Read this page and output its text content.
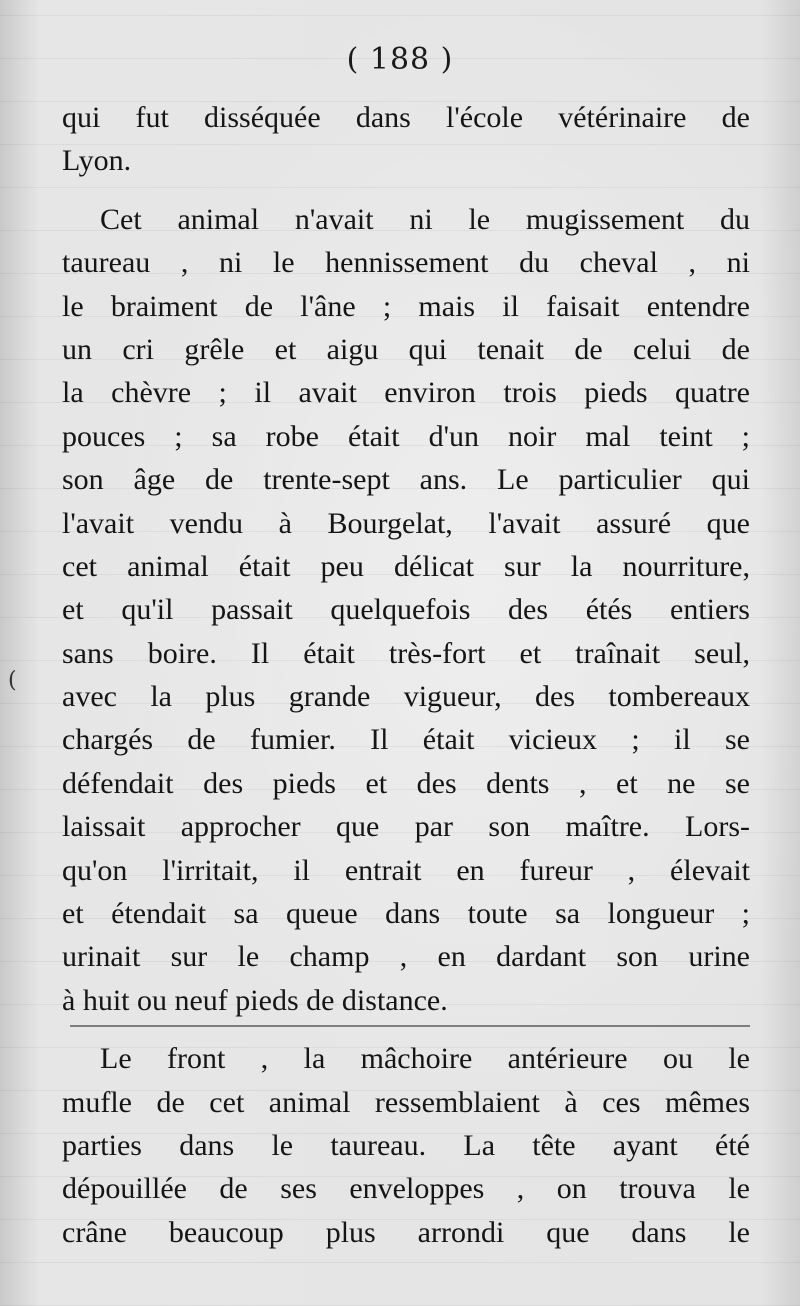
( 188 )
qui fut disséquée dans l'école vétérinaire de
Lyon.
Cet animal n'avait ni le mugissement du
taureau , ni le hennissement du cheval , ni
le braiment de l'âne ; mais il faisait entendre
un cri grêle et aigu qui tenait de celui de
la chèvre ; il avait environ trois pieds quatre
pouces ; sa robe était d'un noir mal teint ;
son âge de trente-sept ans. Le particulier qui
l'avait vendu à Bourgelat, l'avait assuré que
cet animal était peu délicat sur la nourriture,
et qu'il passait quelquefois des étés entiers
sans boire. Il était très-fort et traînait seul,
avec la plus grande vigueur, des tombereaux
chargés de fumier. Il était vicieux ; il se
défendait des pieds et des dents , et ne se
laissait approcher que par son maître. Lors-
qu'on l'irritait, il entrait en fureur , élevait
et étendait sa queue dans toute sa longueur ;
urinait sur le champ , en dardant son urine
à huit ou neuf pieds de distance.
Le front , la mâchoire antérieure ou le
mufle de cet animal ressemblaient à ces mêmes
parties dans le taureau. La tête ayant été
dépouillée de ses enveloppes , on trouva le
crâne beaucoup plus arrondi que dans le
(
